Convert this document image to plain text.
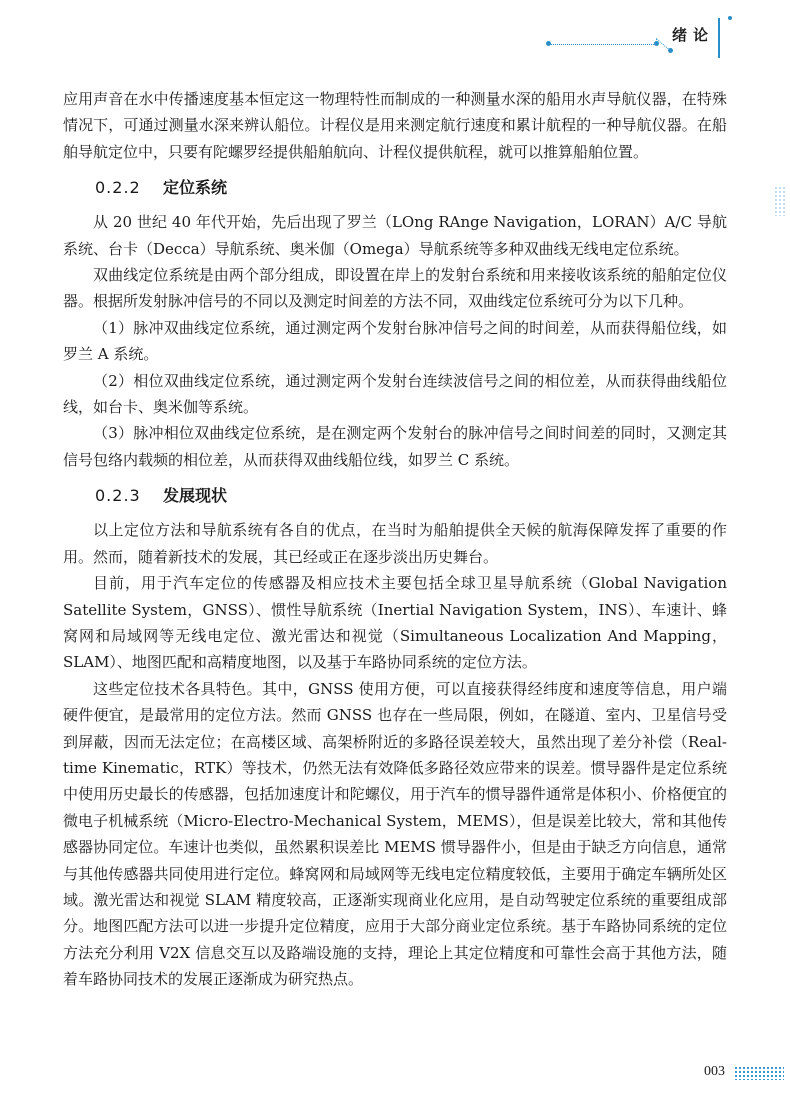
绪论

应用声音在水中传播速度基本恒定这一物理特性而制成的一种测量水深的船用水声导航仪器，在特殊情况下，可通过测量水深来辨认船位。计程仪是用来测定航行速度和累计航程的一种导航仪器。在船舶导航定位中，只要有陀螺罗经提供船舶航向、计程仪提供航程，就可以推算船舶位置。

0.2.2 定位系统

从 20 世纪 40 年代开始，先后出现了罗兰（LOng RAnge Navigation，LORAN）A/C 导航系统、台卡（Decca）导航系统、奥米伽（Omega）导航系统等多种双曲线无线电定位系统。

双曲线定位系统是由两个部分组成，即设置在岸上的发射台系统和用来接收该系统的船舶定位仪器。根据所发射脉冲信号的不同以及测定时间差的方法不同，双曲线定位系统可分为以下几种。

（1）脉冲双曲线定位系统，通过测定两个发射台脉冲信号之间的时间差，从而获得船位线，如罗兰 A 系统。

（2）相位双曲线定位系统，通过测定两个发射台连续波信号之间的相位差，从而获得曲线船位线，如台卡、奥米伽等系统。

（3）脉冲相位双曲线定位系统，是在测定两个发射台的脉冲信号之间时间差的同时，又测定其信号包络内载频的相位差，从而获得双曲线船位线，如罗兰 C 系统。

0.2.3 发展现状

以上定位方法和导航系统有各自的优点，在当时为船舶提供全天候的航海保障发挥了重要的作用。然而，随着新技术的发展，其已经或正在逐步淡出历史舞台。

目前，用于汽车定位的传感器及相应技术主要包括全球卫星导航系统（Global Navigation Satellite System，GNSS）、惯性导航系统（Inertial Navigation System，INS）、车速计、蜂窝网和局域网等无线电定位、激光雷达和视觉（Simultaneous Localization And Mapping，SLAM）、地图匹配和高精度地图，以及基于车路协同系统的定位方法。

这些定位技术各具特色。其中，GNSS 使用方便，可以直接获得经纬度和速度等信息，用户端硬件便宜，是最常用的定位方法。然而 GNSS 也存在一些局限，例如，在隧道、室内、卫星信号受到屏蔽，因而无法定位；在高楼区域、高架桥附近的多路径误差较大，虽然出现了差分补偿（Real-time Kinematic，RTK）等技术，仍然无法有效降低多路径效应带来的误差。惯导器件是定位系统中使用历史最长的传感器，包括加速度计和陀螺仪，用于汽车的惯导器件通常是体积小、价格便宜的微电子机械系统（Micro-Electro-Mechanical System，MEMS），但是误差比较大，常和其他传感器协同定位。车速计也类似，虽然累积误差比 MEMS 惯导器件小，但是由于缺乏方向信息，通常与其他传感器共同使用进行定位。蜂窝网和局域网等无线电定位精度较低，主要用于确定车辆所处区域。激光雷达和视觉 SLAM 精度较高，正逐渐实现商业化应用，是自动驾驶定位系统的重要组成部分。地图匹配方法可以进一步提升定位精度，应用于大部分商业定位系统。基于车路协同系统的定位方法充分利用 V2X 信息交互以及路端设施的支持，理论上其定位精度和可靠性会高于其他方法，随着车路协同技术的发展正逐渐成为研究热点。

003
